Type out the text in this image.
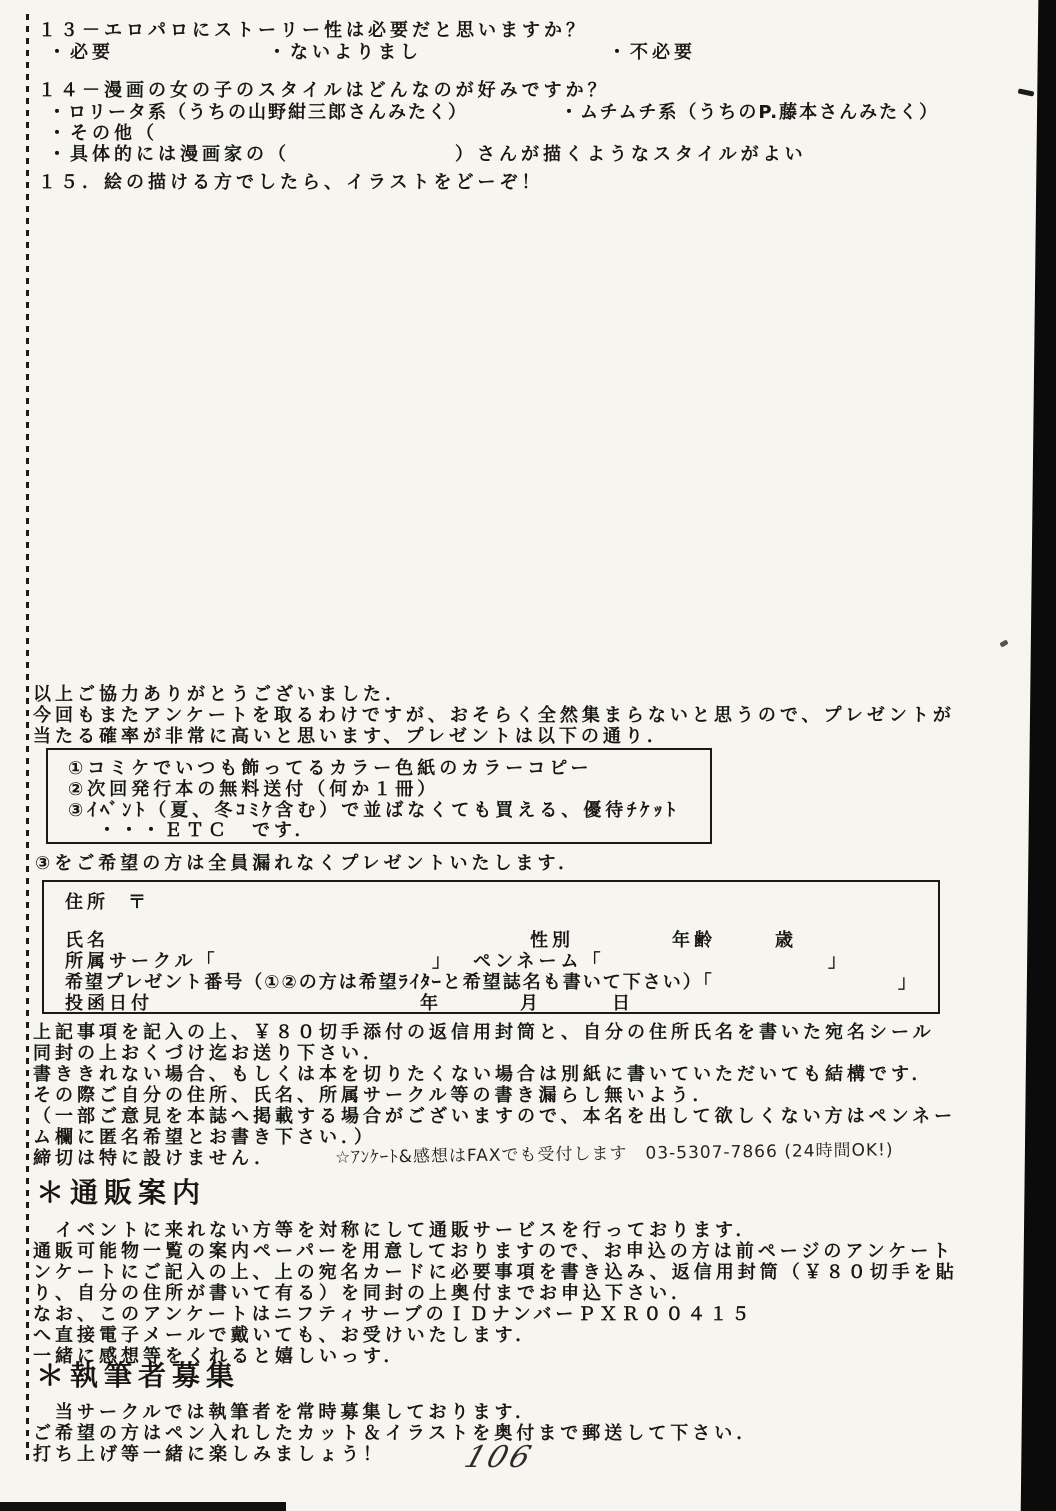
１３－エロパロにストーリー性は必要だと思いますか？
・必要	・ないよりまし	・不必要
１４－漫画の女の子のスタイルはどんなのが好みですか？
・ロリータ系（うちの山野紺三郎さんみたく）	・ムチムチ系（うちのP.藤本さんみたく）
・その他（
・具体的には漫画家の（	）さんが描くようなスタイルがよい
１５．絵の描ける方でしたら、イラストをどーぞ！
以上ご協力ありがとうございました．
今回もまたアンケートを取るわけですが、おそらく全然集まらないと思うので、プレゼントが
当たる確率が非常に高いと思います、プレゼントは以下の通り．
①コミケでいつも飾ってるカラー色紙のカラーコピー
②次回発行本の無料送付（何か１冊）
③ｲﾍﾞﾝﾄ（夏、冬ｺﾐｹ含む）で並ばなくても買える、優待ﾁｹｯﾄ
・・・ＥＴＣ　です．
③をご希望の方は全員漏れなくプレゼントいたします．
住所 〒
氏名	性別	年齢	歳
所属サークル「	」 ペンネーム「	」
希望プレゼント番号（①②の方は希望ﾗｲﾀｰと希望誌名も書いて下さい）「	」
投函日付	年	月	日
上記事項を記入の上、￥８０切手添付の返信用封筒と、自分の住所氏名を書いた宛名シール
同封の上おくづけ迄お送り下さい．
書ききれない場合、もしくは本を切りたくない場合は別紙に書いていただいても結構です．
その際ご自分の住所、氏名、所属サークル等の書き漏らし無いよう．
（一部ご意見を本誌へ掲載する場合がございますので、本名を出して欲しくない方はペンネー
ム欄に匿名希望とお書き下さい．）
締切は特に設けません．	☆ｱﾝｹｰﾄ&感想はFAXでも受付します　03-5307-7866 (24時間OK!)
＊通販案内
　イベントに来れない方等を対称にして通販サービスを行っております．
通販可能物一覧の案内ペーパーを用意しておりますので、お申込の方は前ページのアンケート
ンケートにご記入の上、上の宛名カードに必要事項を書き込み、返信用封筒（￥８０切手を貼
り、自分の住所が書いて有る）を同封の上奥付までお申込下さい．
なお、このアンケートはニフティサーブのＩＤナンバーＰＸＲ００４１５
へ直接電子メールで戴いても、お受けいたします．
一緒に感想等をくれると嬉しいっす．
＊執筆者募集
　当サークルでは執筆者を常時募集しております．
ご希望の方はペン入れしたカット＆イラストを奥付まで郵送して下さい．
打ち上げ等一緒に楽しみましょう！	106
